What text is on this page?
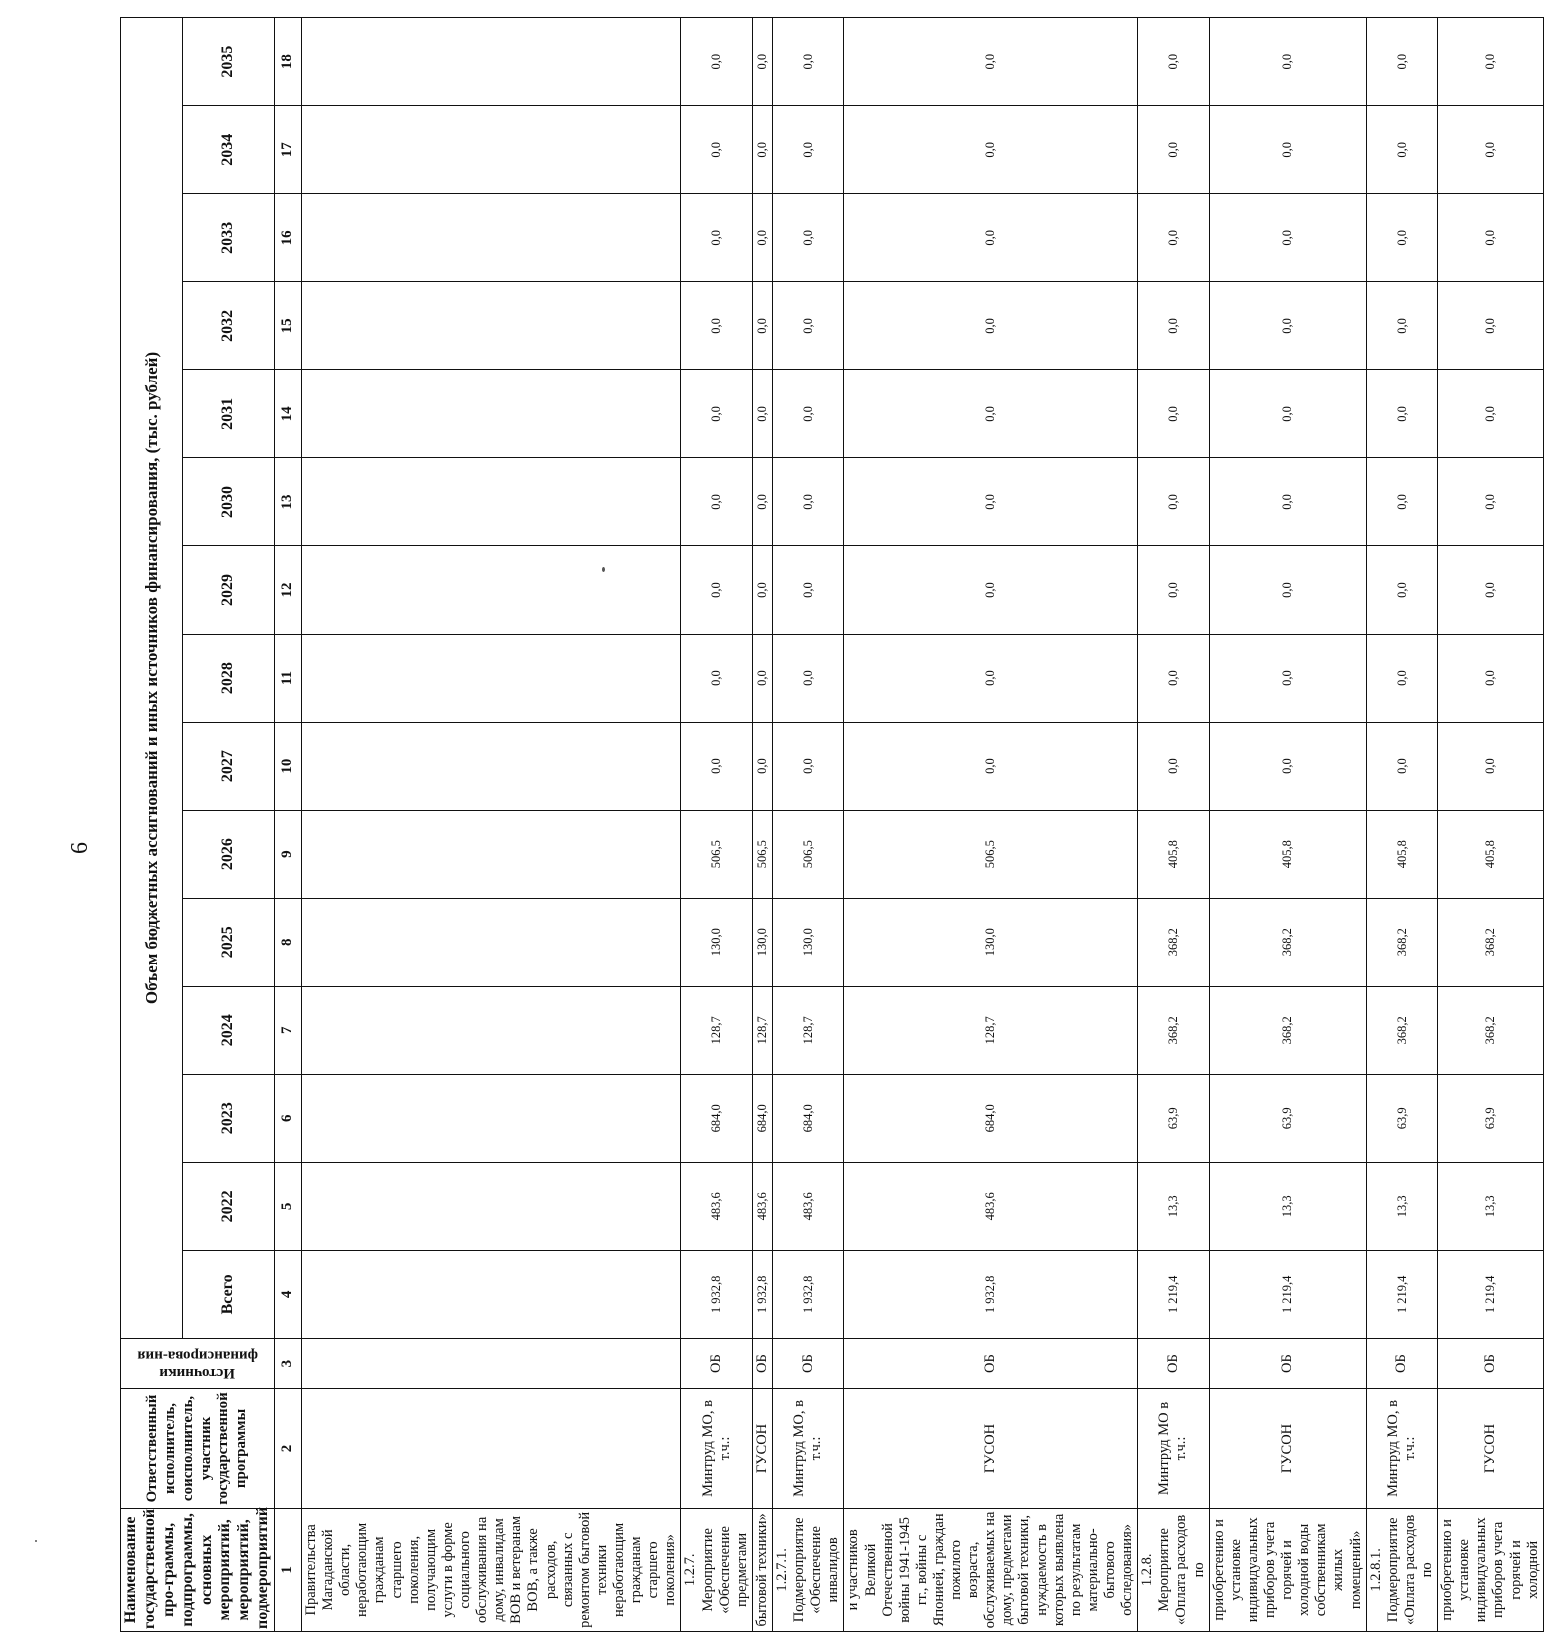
6
Наименование государственной про-граммы, подпрограммы, основных мероприятий, мероприятий, подмероприятий	Ответственный исполнитель, соисполнитель, участник государственной программы	Источники финансирова-ния	Объем бюджетных ассигнований и иных источников финансирования, (тыс. рублей)														
			Всего	2022	2023	2024	2025	2026	2027	2028	2029	2030	2031	2032	2033	2034	2035
1	2	3	4	5	6	7	8	9	10	11	12	13	14	15	16	17	18
Правительства Магаданской области, неработающим гражданам старшего поколения, получающим услуги в форме социального обслуживания на дому, инвалидам ВОВ и ветеранам ВОВ, а также расходов, связанных с ремонтом бытовой техники неработающим гражданам старшего поколения»																	
1.2.7. Мероприятие «Обеспечение предметами	Минтруд МО, в т.ч.:	ОБ	1 932,8	483,6	684,0	128,7	130,0	506,5	0,0	0,0	0,0	0,0	0,0	0,0	0,0	0,0	0,0
бытовой техники»	ГУСОН	ОБ	1 932,8	483,6	684,0	128,7	130,0	506,5	0,0	0,0	0,0	0,0	0,0	0,0	0,0	0,0	0,0
1.2.7.1. Подмероприятие «Обеспечение инвалидов	Минтруд МО, в т.ч.:	ОБ	1 932,8	483,6	684,0	128,7	130,0	506,5	0,0	0,0	0,0	0,0	0,0	0,0	0,0	0,0	0,0
и участников Великой Отечественной войны 1941-1945 гг., войны с Японией, граждан пожилого возраста, обслуживаемых на дому, предметами бытовой техники, нуждаемость в которых выявлена по результатам материально-бытового обследования»	ГУСОН	ОБ	1 932,8	483,6	684,0	128,7	130,0	506,5	0,0	0,0	0,0	0,0	0,0	0,0	0,0	0,0	0,0
1.2.8. Мероприятие «Оплата расходов по	Минтруд МО в т.ч.:	ОБ	1 219,4	13,3	63,9	368,2	368,2	405,8	0,0	0,0	0,0	0,0	0,0	0,0	0,0	0,0	0,0
приобретению и установке индивидуальных приборов учета горячей и холодной воды собственникам жилых помещений»	ГУСОН	ОБ	1 219,4	13,3	63,9	368,2	368,2	405,8	0,0	0,0	0,0	0,0	0,0	0,0	0,0	0,0	0,0
1.2.8.1. Подмероприятие «Оплата расходов по	Минтруд МО, в т.ч.:	ОБ	1 219,4	13,3	63,9	368,2	368,2	405,8	0,0	0,0	0,0	0,0	0,0	0,0	0,0	0,0	0,0
приобретению и установке индивидуальных приборов учета горячей и холодной	ГУСОН	ОБ	1 219,4	13,3	63,9	368,2	368,2	405,8	0,0	0,0	0,0	0,0	0,0	0,0	0,0	0,0	0,0
